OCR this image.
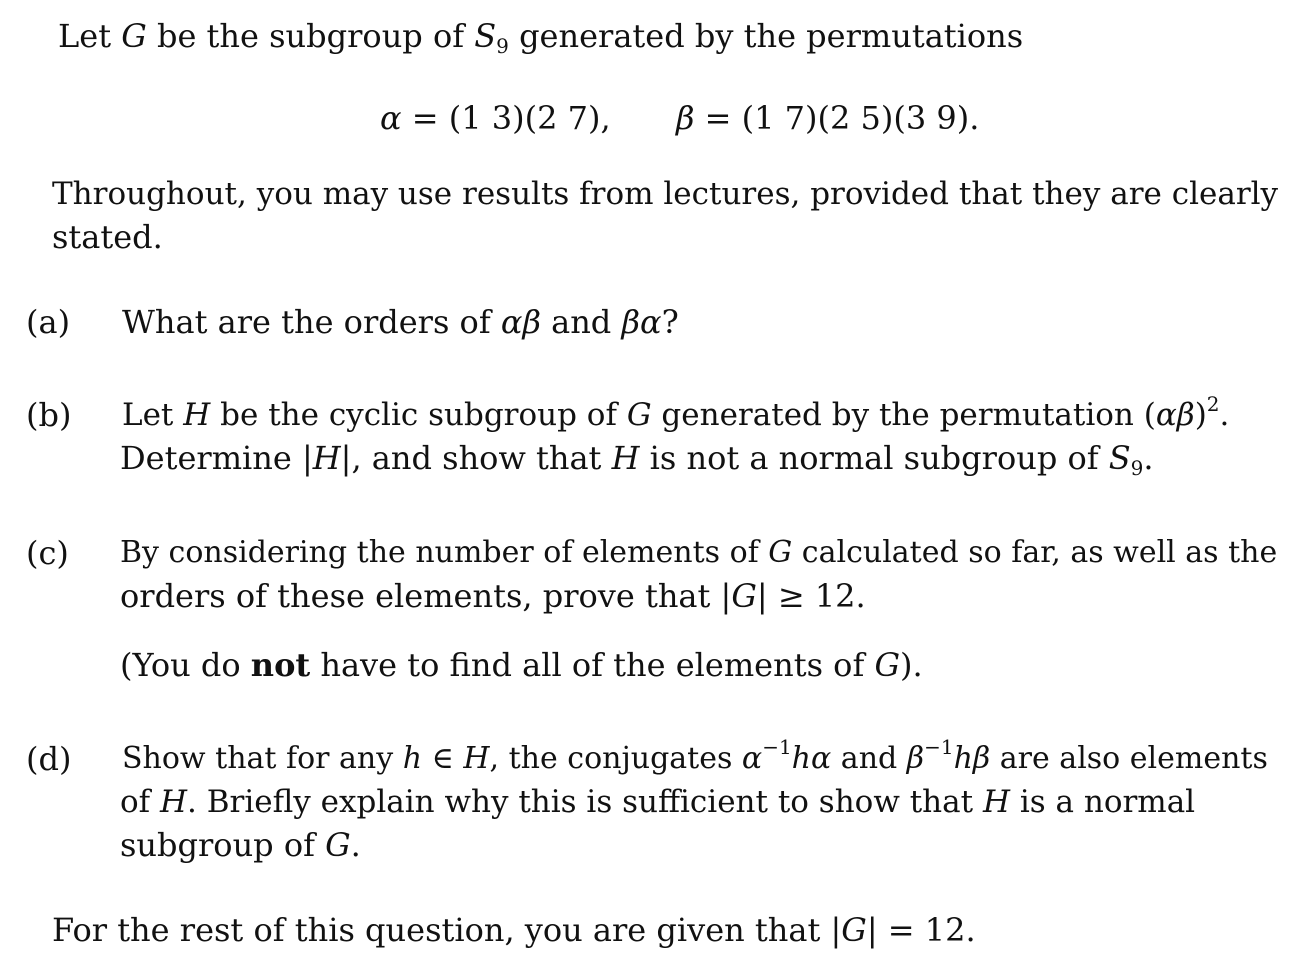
Let G be the subgroup of $S_9$ generated by the permutations
α = (1 3)(2 7), β = (1 7)(2 5)(3 9).
Throughout, you may use results from lectures, provided that they are clearly
stated.
(a) What are the orders of αβ and βα?
(b) Let H be the cyclic subgroup of G generated by the permutation $(\alpha\beta)^2$.
Determine |H|, and show that H is not a normal subgroup of $S_9$.
(c) By considering the number of elements of G calculated so far, as well as the
orders of these elements, prove that |G| ≥ 12.
(You do not have to find all of the elements of G).
(d) Show that for any h ∈ H, the conjugates $\alpha^{-1}h\alpha$ and $\beta^{-1}h\beta$ are also elements
of H. Briefly explain why this is sufficient to show that H is a normal
subgroup of G.
For the rest of this question, you are given that |G| = 12.
